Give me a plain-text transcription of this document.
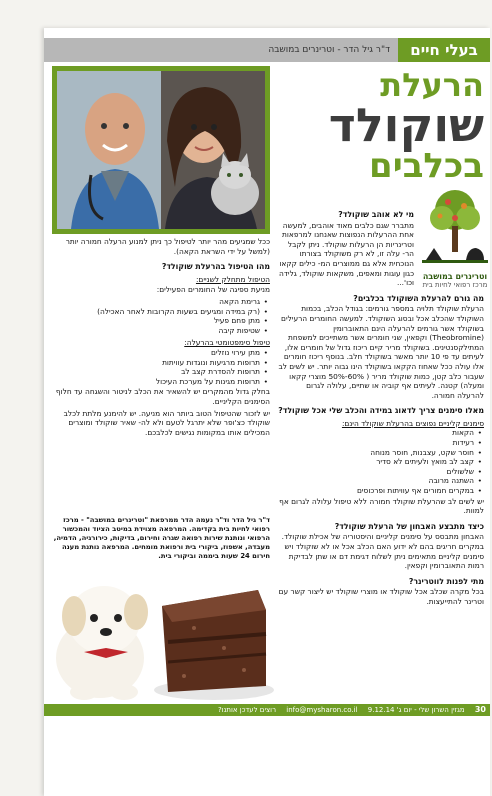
ד"ר גיל הדר - וטרינרים במושבה	בעלי חיים
הרעלת
שוקולד
בכלבים
וטרינרים במושבה
מרכז רפואי לחיות בית
מי לא אוהב שוקולד?
מתברר שגם כלבים מאוד אוהבים, למעשה אחת ההרעלות הנפוצות שאנחנו למרפאות וטרינריות הן הרעלות שוקולד. ניתן לקבל הר- עלה זו, לא רק משוקולד בצורתו הנוכחית אלא גם ממוצרים המ- כילים קקאו כגון עוגות ומאפים, משקאות שוקולד, גלידה וכו'...
מה גורם להרעלת השוקולד בכלבים?
הרעלת שוקולד תלויה במספר גורמים: בגודל הכלב, בכמות השוקולד שהכלב אכל ובסוג השוקולד. למעשה החומרים הרעילים בשוקולד אשר גורמים להרעלה הינם התאוברומין (Theobromine) וקפאין, שני חומרים אשר משתייכים למשפחת המתילקסנטינים. בשוקולד מריר קיים ריכוז גדול של חומרים אלו, לעיתים עד פי 10 יותר מאשר בשוקולד חלב. בנוסף ריכוז חומרים אלו עולה ככל שאחוז הקקאו בשוקולד הינו גבוה יותר. יש לשים לב שעבור כלב קטן, כמות שוקולד מריר ( 60%-50% מוצרי קקאו ומעלה) קטנה. לעיתים אף קוביה או שתיים, עלולה לגרום להרעלה חמורה.
מאלו סימנים צריך לדאוג במידה והכלב שלי אכל שוקולד?
סימנים קליניים נפוצים בהרעלת שוקולד הינם:
• הקאות
• רעידות
• חוסר שקט, עצבנות, חוסר מנוחה
• קצב לב מואץ ולעיתים לא סדיר
• שלשולים
• השתנה מרובה
• במקרים חמורים אף עוויתות ופרכוסים
יש לשים לב שהרעלת שוקולד חמורה ללא טיפול עלולה לגרום אף למוות.
כיצד מתבצע האבחון של הרעלת שוקולד?
האבחון מתבסס על סימנים קליניים והיסטוריה של אכילת שוקולד. במקרים חריגים בהם לא ידוע האם הכלב אכל או לא שוקולד ויש סימנים קליניים מתאימים ניתן לשלוח דגימת דם או שתן לבדיקת רמות התאוברומין וקפאין.
מתי לפנות לווטרינר?
בכל מקרה שכלב אכל שוקולד או מוצרי שוקולד יש ליצור קשר עם וטרינר להתייעצות.
ככל שמגיעים מהר יותר לטיפול כך ניתן למנוע הרעלה חמורה יותר (למשל על ידי השראת הקאה).
מהו הטיפול בהרעלת שוקולד?
הטיפול מתחלק לשניים:
מניעת ספיגה של החומרים הפעילים:
• גרימת הקאה
• (רק במידה ומגיעים בשעות הקרובות לאחר האכילה)
• מתן פחם פעיל
• שטיפות קיבה
טיפול סימפטומטי בהרעלה:
• מתן עירוי נוזלים
• תרופות מרגיעות ונוגדות עוויתות
• תרופות להסדרת קצב לב
• תרופות מגינות על מערכת העיכול
בחלק גדול מהמקרים יש להשאיר את הכלב לניטור והשגחה עד חלוף הסימנים הקליניים.
יש לזכור שהטיפול הטוב ביותר הוא מניעה. יש להימנע מלתת לכלב שוקולד כצ'ופר שלא יתרגל לטעם ולא לה- שאיר שוקולד ומוצרים המכילים אותו במקומות נגישים לכלבכם.
ד"ר גיל הדר וד"ר נעמה הדר ממרפאת "וטרינרים במושבה" - מרכז רפואי לחיות בית בקדימה. המרפאה מצוידת במיטב הציוד והמכשור הרפואי ונותנת שירות רפואה שגרה וחירום, בדיקות, כירורגיה, הדמיה, מעבדה, אשפוז, ביקורי בית ורפואת מומחים. המרפאה נותנת מענה חירום 24 שעות ביממה וביקורי בית.
30 מגזין השרון שלי - יום ג' 9.12.14 info@mysharon.co.il רוצים לעדכן אותנו?
